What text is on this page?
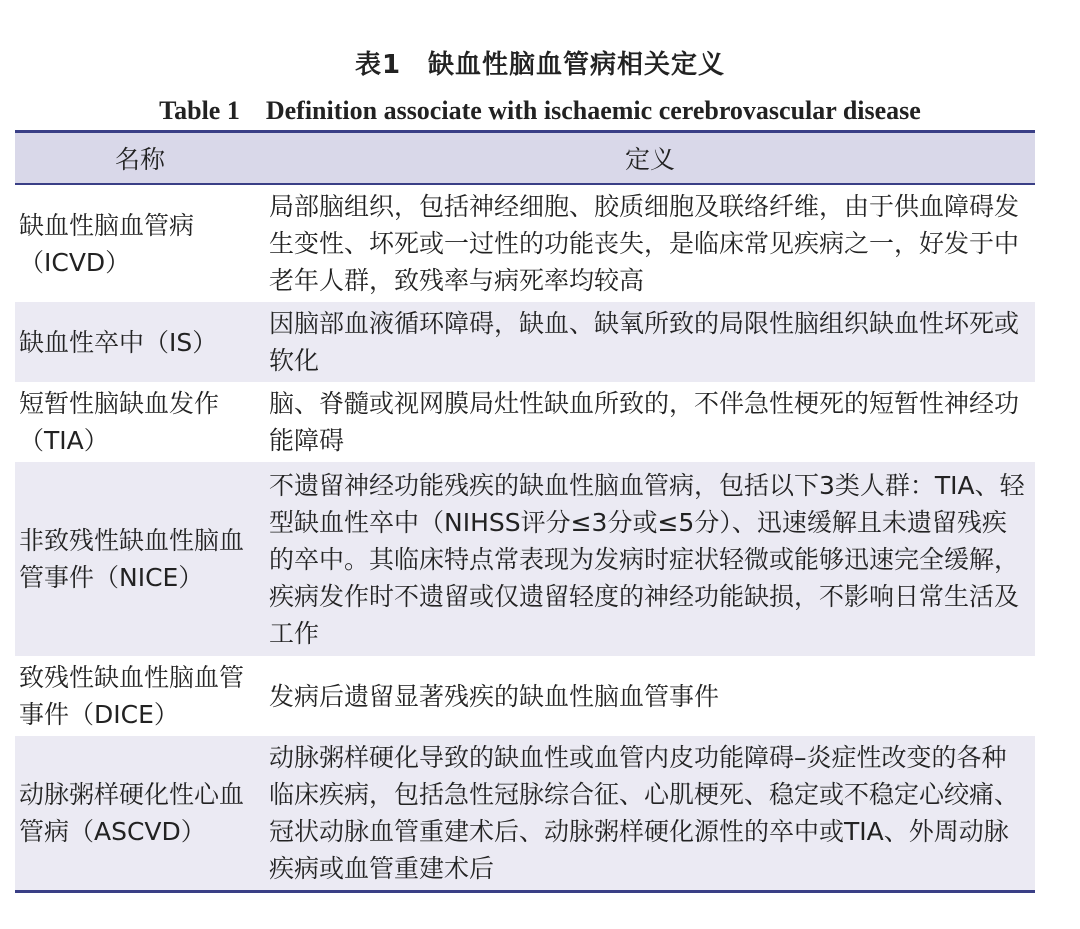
表1　缺血性脑血管病相关定义
Table 1　Definition associate with ischaemic cerebrovascular disease
名称	定义
缺血性脑血管病（ICVD）	局部脑组织，包括神经细胞、胶质细胞及联络纤维，由于供血障碍发生变性、坏死或一过性的功能丧失，是临床常见疾病之一，好发于中老年人群，致残率与病死率均较高
缺血性卒中（IS）	因脑部血液循环障碍，缺血、缺氧所致的局限性脑组织缺血性坏死或软化
短暂性脑缺血发作（TIA）	脑、脊髓或视网膜局灶性缺血所致的，不伴急性梗死的短暂性神经功能障碍
非致残性缺血性脑血管事件（NICE）	不遗留神经功能残疾的缺血性脑血管病，包括以下3类人群：TIA、轻型缺血性卒中（NIHSS评分≤3分或≤5分）、迅速缓解且未遗留残疾的卒中。其临床特点常表现为发病时症状轻微或能够迅速完全缓解，疾病发作时不遗留或仅遗留轻度的神经功能缺损，不影响日常生活及工作
致残性缺血性脑血管事件（DICE）	发病后遗留显著残疾的缺血性脑血管事件
动脉粥样硬化性心血管病（ASCVD）	动脉粥样硬化导致的缺血性或血管内皮功能障碍–炎症性改变的各种临床疾病，包括急性冠脉综合征、心肌梗死、稳定或不稳定心绞痛、冠状动脉血管重建术后、动脉粥样硬化源性的卒中或TIA、外周动脉疾病或血管重建术后
